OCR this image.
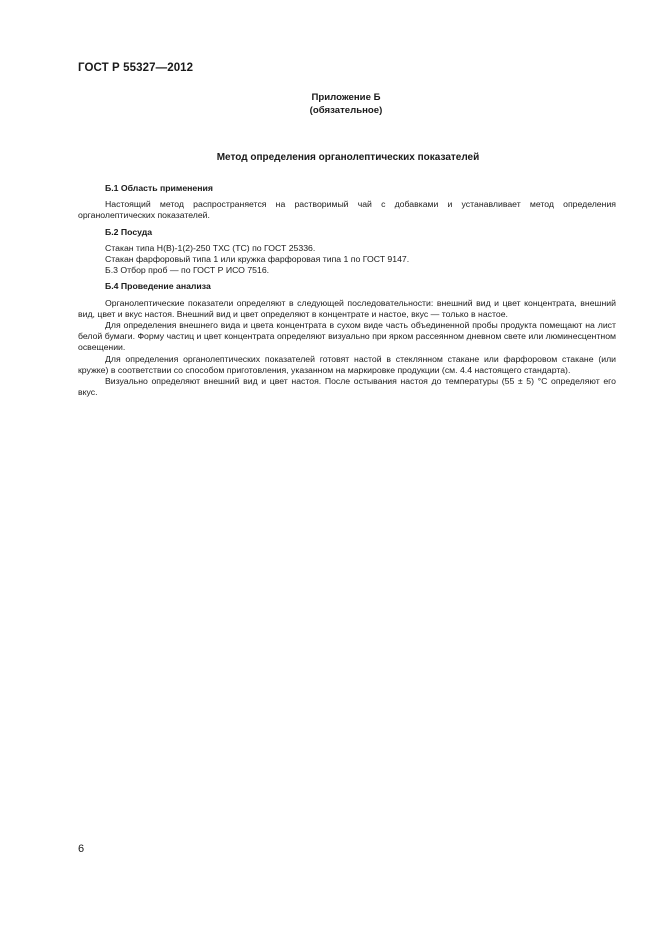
ГОСТ Р 55327—2012
Приложение Б
(обязательное)
Метод определения органолептических показателей

Б.1 Область применения

Настоящий метод распространяется на растворимый чай с добавками и устанавливает метод определения органолептических показателей.

Б.2 Посуда

Стакан типа Н(В)-1(2)-250 ТХС (ТС) по ГОСТ 25336.

Стакан фарфоровый типа 1 или кружка фарфоровая типа 1 по ГОСТ 9147.

Б.3 Отбор проб — по ГОСТ Р ИСО 7516.

Б.4 Проведение анализа

Органолептические показатели определяют в следующей последовательности: внешний вид и цвет концентрата, внешний вид, цвет и вкус настоя. Внешний вид и цвет определяют в концентрате и настое, вкус — только в настое.

Для определения внешнего вида и цвета концентрата в сухом виде часть объединенной пробы продукта помещают на лист белой бумаги. Форму частиц и цвет концентрата определяют визуально при ярком рассеянном дневном свете или люминесцентном освещении.

Для определения органолептических показателей готовят настой в стеклянном стакане или фарфоровом стакане (или кружке) в соответствии со способом приготовления, указанном на маркировке продукции (см. 4.4 настоящего стандарта).

Визуально определяют внешний вид и цвет настоя. После остывания настоя до температуры (55 ± 5) °С определяют его вкус.

6
